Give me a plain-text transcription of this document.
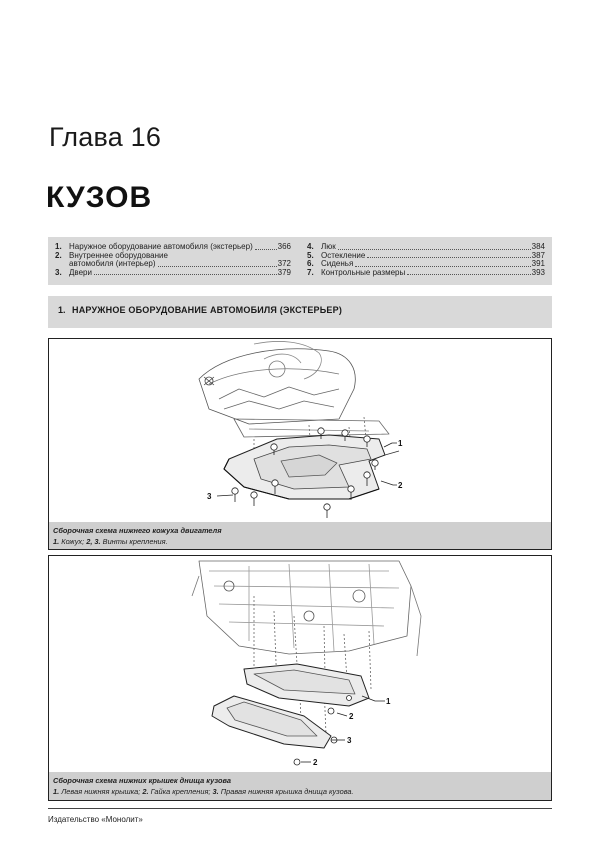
Глава 16
КУЗОВ
1. Наружное оборудование автомобиля (экстерьер)	366
2. Внутреннее оборудование
автомобиля (интерьер)	372
3. Двери	379
4. Люк	384
5. Остекление	387
6. Сиденья	391
7. Контрольные размеры	393
1. НАРУЖНОЕ ОБОРУДОВАНИЕ АВТОМОБИЛЯ (ЭКСТЕРЬЕР)
1
2
3
Сборочная схема нижнего кожуха двигателя
1. Кожух; 2, 3. Винты крепления.
1
2
3
2
Сборочная схема нижних крышек днища кузова
1. Левая нижняя крышка; 2. Гайка крепления; 3. Правая нижняя крышка днища кузова.
Издательство «Монолит»
